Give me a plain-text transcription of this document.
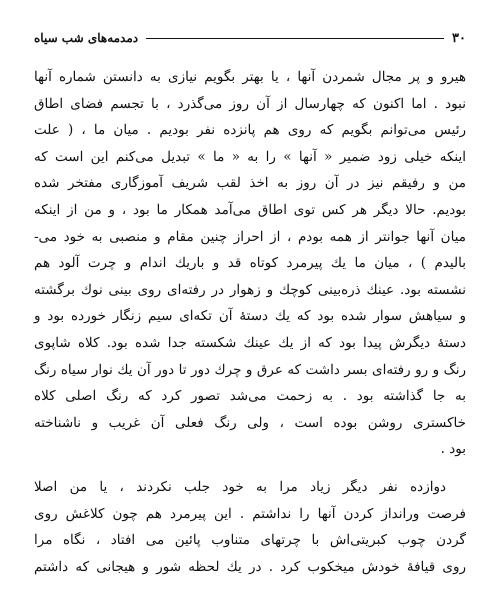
۳۰
دمدمه‌های شب سیاه
هیرو و پر مجال شمردن آنها ، یا بهتر بگویم نیازی به دانستن شماره آنها
نبود . اما اکنون که چهارسال از آن روز می‌گذرد ، با تجسم فضای اطاق
رئیس می‌توانم بگویم که روی هم پانزده نفر بودیم . میان ما ، ( علت
اینکه خیلی زود ضمیر « آنها » را به « ما » تبدیل می‌کنم این است که
من و رفیقم نیز در آن روز به اخذ لقب شریف آموزگاری مفتخر شده
بودیم. حالا دیگر هر کس توی اطاق می‌آمد همکار ما بود ، و من از اینکه
میان آنها جوانتر از همه بودم ، از احراز چنین مقام و منصبی به خود می-
بالیدم ) ، میان ما یك پیرمرد کوتاه قد و باریك اندام و چرت آلود هم
نشسته بود. عینك ذره‌بینی کوچك و زهوار در رفته‌ای روی بینی نوك برگشته
و سیاهش سوار شده بود که یك دستهٔ آن تکه‌ای سیم زنگار خورده بود و
دستهٔ دیگرش پیدا بود که از یك عینك شکسته جدا شده بود. کلاه شاپوی
رنگ و رو رفته‌ای بسر داشت که عرق و چرك دور تا دور آن یك نوار سیاه رنگ
به جا گذاشته بود . به زحمت می‌شد تصور کرد که رنگ اصلی کلاه
خاکستری روشن بوده است ، ولی رنگ فعلی آن غریب و ناشناخته
بود .
دوازده نفر دیگر زیاد مرا به خود جلب نکردند ، یا من اصلا
فرصت ورانداز کردن آنها را نداشتم . این پیرمرد هم چون کلاغش روی
گردن چوب کبریتی‌اش با چرتهای متناوب پائین می افتاد ، نگاه مرا
روی قیافهٔ خودش میخکوب کرد . در یك لحظه شور و هیجانی که داشتم
